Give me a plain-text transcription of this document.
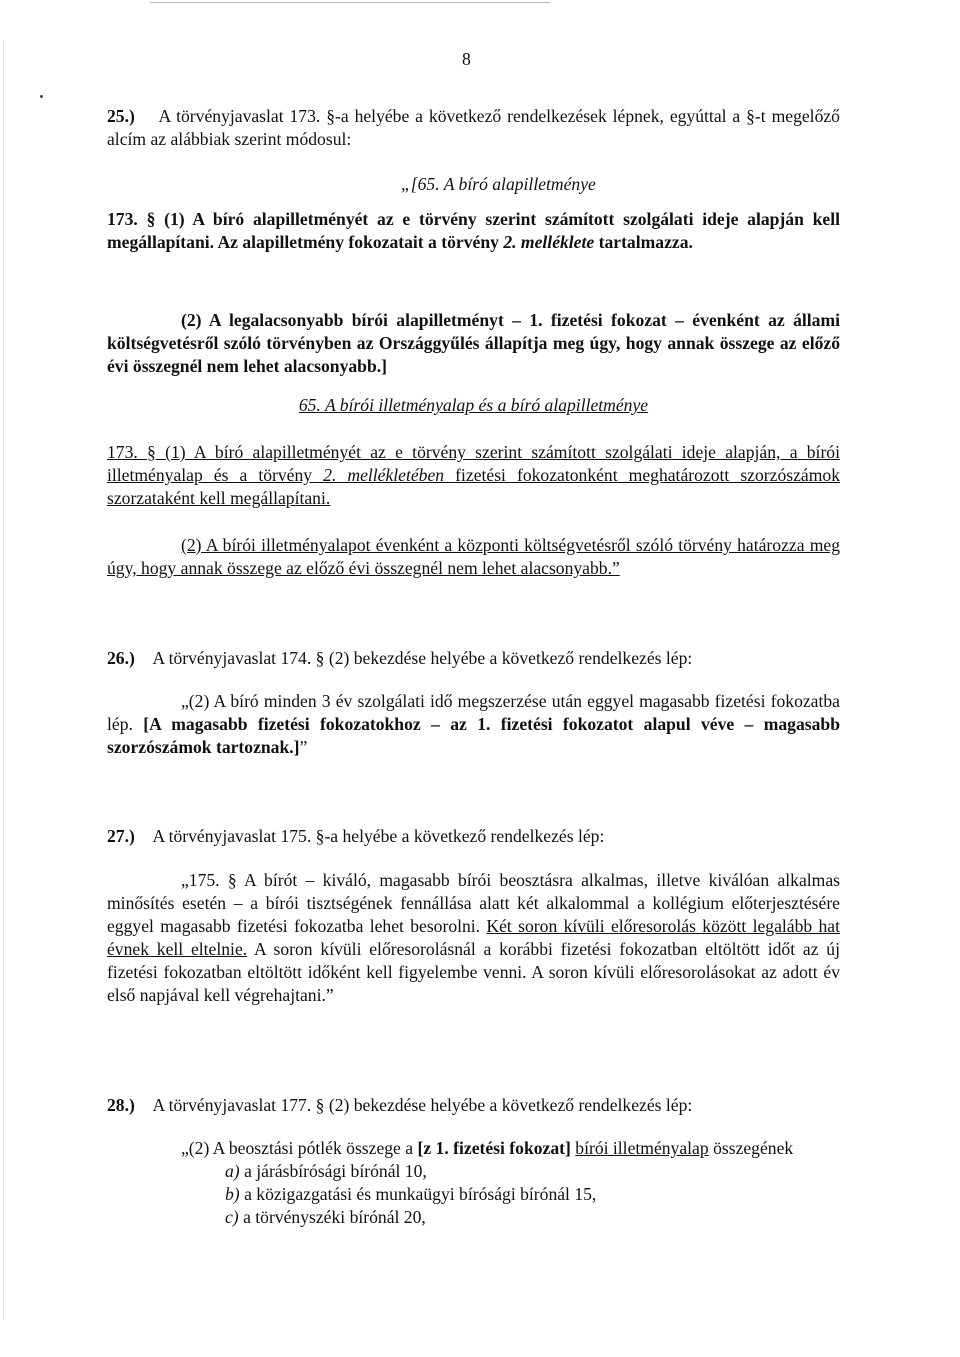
8

25.) A törvényjavaslat 173. §-a helyébe a következő rendelkezések lépnek, egyúttal a §-t megelőző alcím az alábbiak szerint módosul:

„[65. A bíró alapilletménye

173. § (1) A bíró alapilletményét az e törvény szerint számított szolgálati ideje alapján kell megállapítani. Az alapilletmény fokozatait a törvény 2. melléklete tartalmazza.

(2) A legalacsonyabb bírói alapilletményt – 1. fizetési fokozat – évenként az állami költségvetésről szóló törvényben az Országgyűlés állapítja meg úgy, hogy annak összege az előző évi összegnél nem lehet alacsonyabb.]

65. A bírói illetményalap és a bíró alapilletménye

173. § (1) A bíró alapilletményét az e törvény szerint számított szolgálati ideje alapján, a bírói illetményalap és a törvény 2. mellékletében fizetési fokozatonként meghatározott szorzószámok szorzataként kell megállapítani.

(2) A bírói illetményalapot évenként a központi költségvetésről szóló törvény határozza meg úgy, hogy annak összege az előző évi összegnél nem lehet alacsonyabb.”

26.) A törvényjavaslat 174. § (2) bekezdése helyébe a következő rendelkezés lép:

„(2) A bíró minden 3 év szolgálati idő megszerzése után eggyel magasabb fizetési fokozatba lép. [A magasabb fizetési fokozatokhoz – az 1. fizetési fokozatot alapul véve – magasabb szorzószámok tartoznak.]”

27.) A törvényjavaslat 175. §-a helyébe a következő rendelkezés lép:

„175. § A bírót – kiváló, magasabb bírói beosztásra alkalmas, illetve kiválóan alkalmas minősítés esetén – a bírói tisztségének fennállása alatt két alkalommal a kollégium előterjesztésére eggyel magasabb fizetési fokozatba lehet besorolni. Két soron kívüli előresorolás között legalább hat évnek kell eltelnie. A soron kívüli előresorolásnál a korábbi fizetési fokozatban eltöltött időt az új fizetési fokozatban eltöltött időként kell figyelembe venni. A soron kívüli előresorolásokat az adott év első napjával kell végrehajtani.”

28.) A törvényjavaslat 177. § (2) bekezdése helyébe a következő rendelkezés lép:

„(2) A beosztási pótlék összege a [z 1. fizetési fokozat] bírói illetményalap összegének

a) a járásbírósági bírónál 10,

b) a közigazgatási és munkaügyi bírósági bírónál 15,

c) a törvényszéki bírónál 20,
